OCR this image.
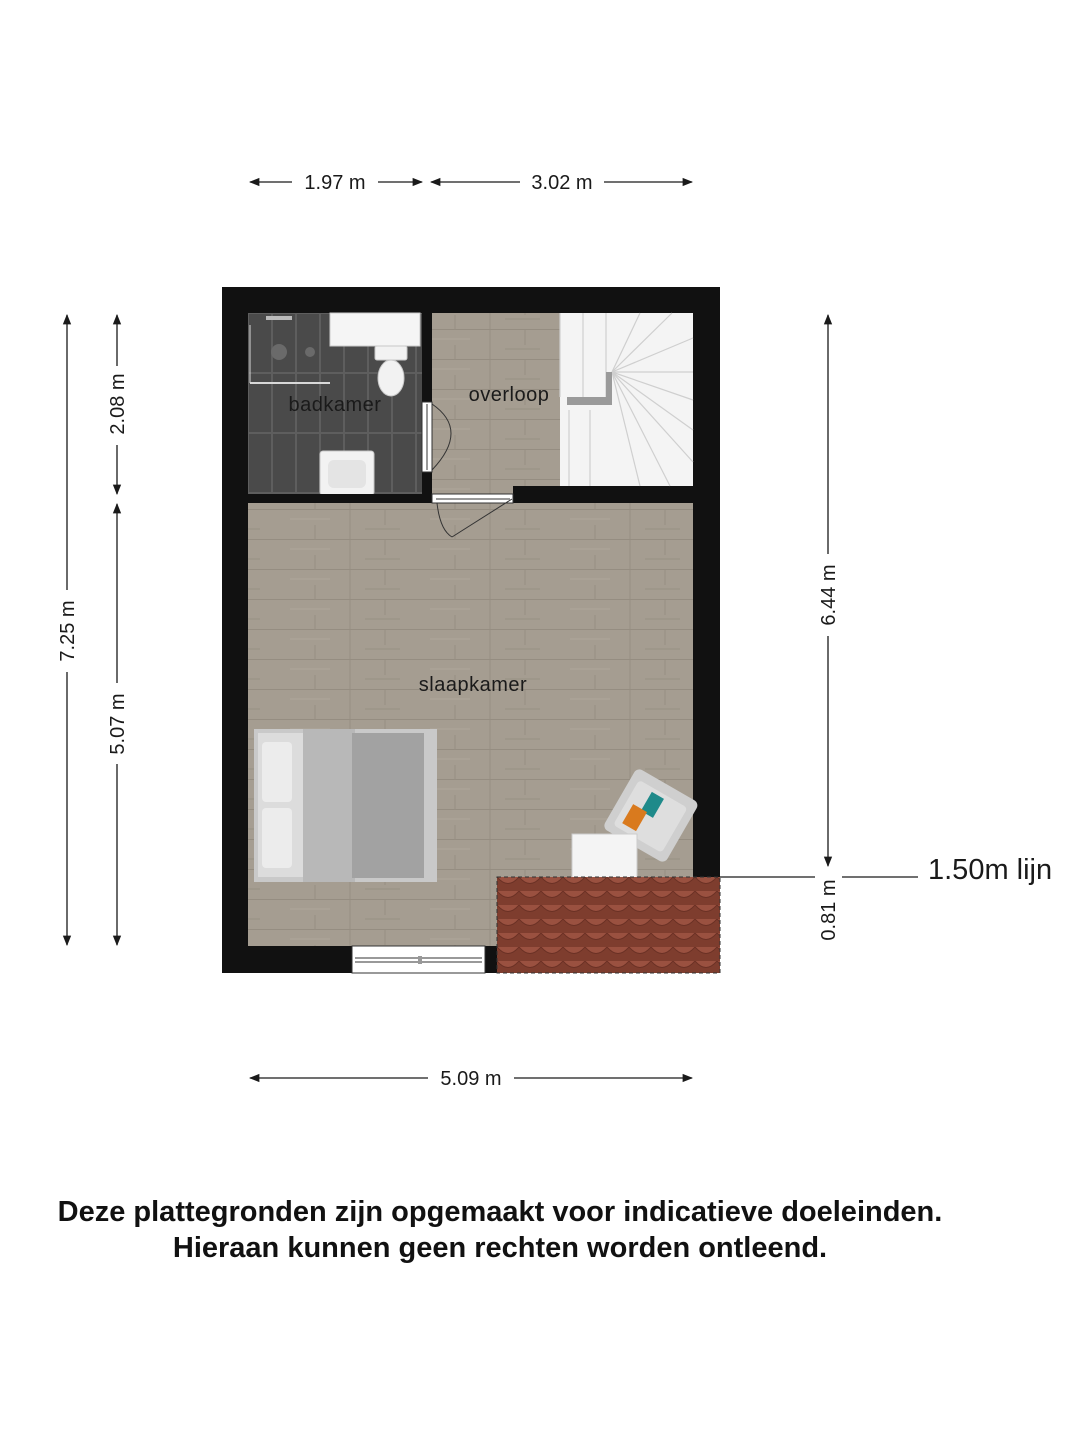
1.97 m	3.02 m
5.09 m
7.25 m
2.08 m
5.07 m
6.44 m
0.81 m
1.50m lijn
badkamer	overloop
slaapkamer
Deze plattegronden zijn opgemaakt voor indicatieve doeleinden.
Hieraan kunnen geen rechten worden ontleend.
